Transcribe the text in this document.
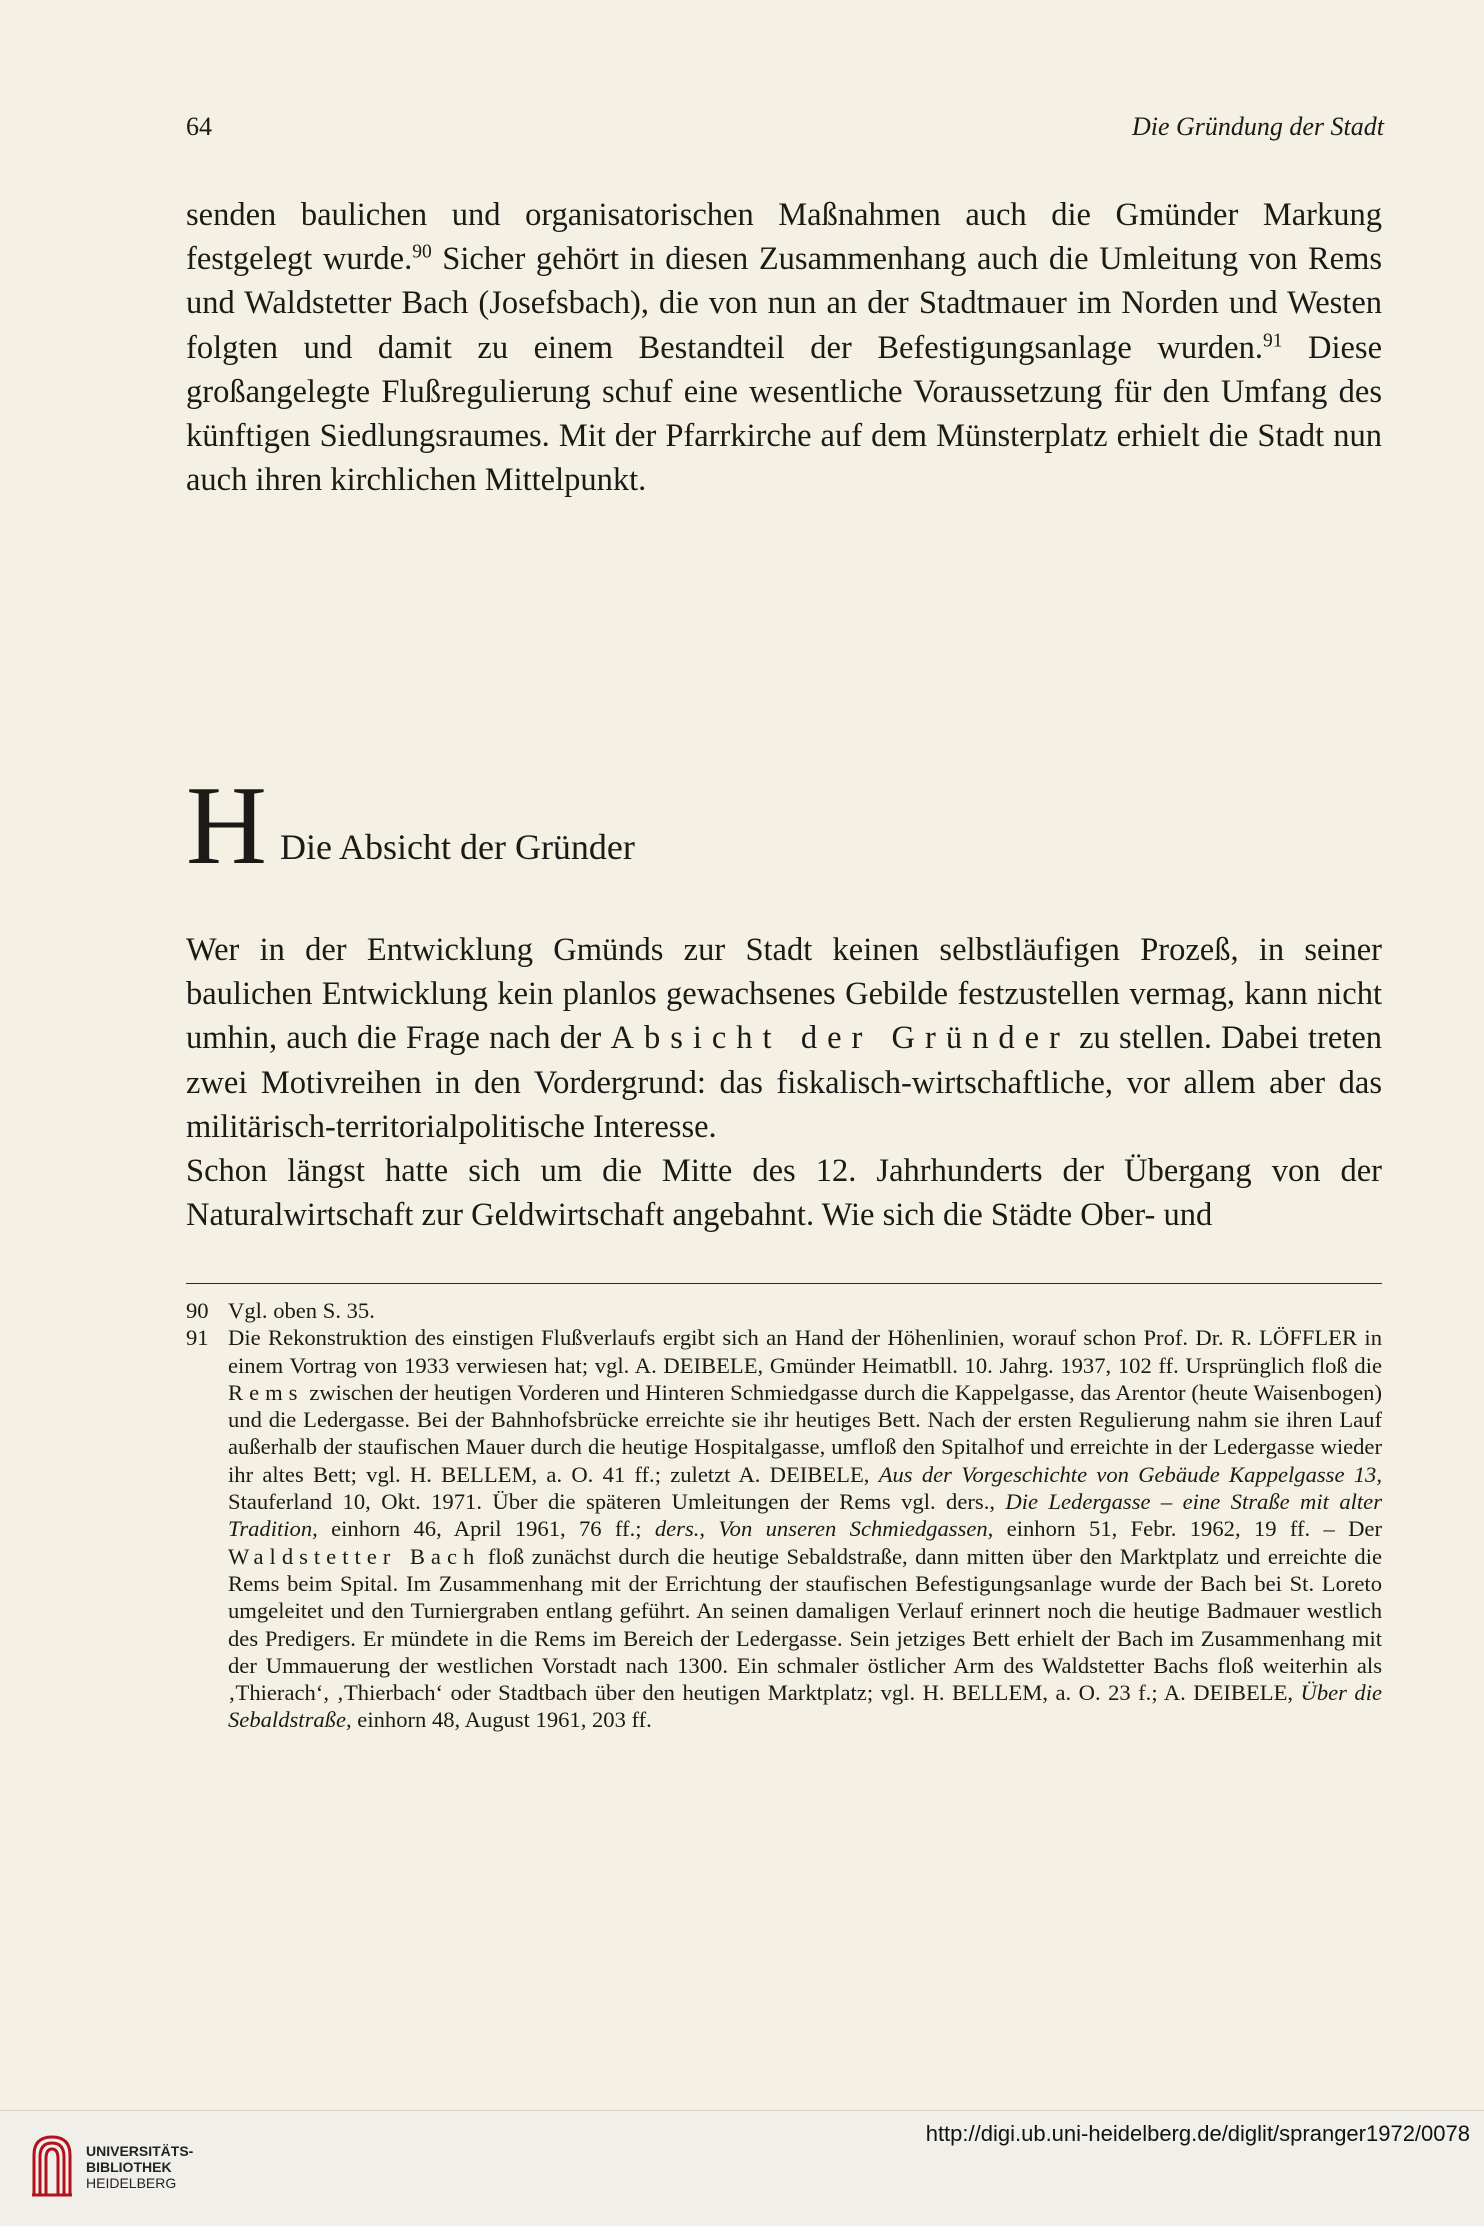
64	Die Gründung der Stadt

senden baulichen und organisatorischen Maßnahmen auch die Gmünder Markung festgelegt wurde.$^{90}$ Sicher gehört in diesen Zusammenhang auch die Umleitung von Rems und Waldstetter Bach (Josefsbach), die von nun an der Stadtmauer im Norden und Westen folgten und damit zu einem Bestandteil der Befestigungsanlage wurden.$^{91}$ Diese großangelegte Flußregulierung schuf eine wesentliche Voraussetzung für den Umfang des künftigen Siedlungsraumes. Mit der Pfarrkirche auf dem Münsterplatz erhielt die Stadt nun auch ihren kirchlichen Mittelpunkt.

H Die Absicht der Gründer

Wer in der Entwicklung Gmünds zur Stadt keinen selbstläufigen Prozeß, in seiner baulichen Entwicklung kein planlos gewachsenes Gebilde festzustellen vermag, kann nicht umhin, auch die Frage nach der Absicht der Gründer zu stellen. Dabei treten zwei Motivreihen in den Vordergrund: das fiskalisch-wirtschaftliche, vor allem aber das militärisch-territorialpolitische Interesse.

Schon längst hatte sich um die Mitte des 12. Jahrhunderts der Übergang von der Naturalwirtschaft zur Geldwirtschaft angebahnt. Wie sich die Städte Ober- und

90 Vgl. oben S. 35.
91 Die Rekonstruktion des einstigen Flußverlaufs ergibt sich an Hand der Höhenlinien, worauf schon Prof. Dr. R. LÖFFLER in einem Vortrag von 1933 verwiesen hat; vgl. A. DEIBELE, Gmünder Heimatbll. 10. Jahrg. 1937, 102 ff. Ursprünglich floß die Rems zwischen der heutigen Vorderen und Hinteren Schmiedgasse durch die Kappelgasse, das Arentor (heute Waisenbogen) und die Ledergasse. Bei der Bahnhofsbrücke erreichte sie ihr heutiges Bett. Nach der ersten Regulierung nahm sie ihren Lauf außerhalb der staufischen Mauer durch die heutige Hospitalgasse, umfloß den Spitalhof und erreichte in der Ledergasse wieder ihr altes Bett; vgl. H. BELLEM, a. O. 41 ff.; zuletzt A. DEIBELE, Aus der Vorgeschichte von Gebäude Kappelgasse 13, Stauferland 10, Okt. 1971. Über die späteren Umleitungen der Rems vgl. ders., Die Ledergasse – eine Straße mit alter Tradition, einhorn 46, April 1961, 76 ff.; ders., Von unseren Schmiedgassen, einhorn 51, Febr. 1962, 19 ff. – Der Waldstetter Bach floß zunächst durch die heutige Sebaldstraße, dann mitten über den Marktplatz und erreichte die Rems beim Spital. Im Zusammenhang mit der Errichtung der staufischen Befestigungsanlage wurde der Bach bei St. Loreto umgeleitet und den Turniergraben entlang geführt. An seinen damaligen Verlauf erinnert noch die heutige Badmauer westlich des Predigers. Er mündete in die Rems im Bereich der Ledergasse. Sein jetziges Bett erhielt der Bach im Zusammenhang mit der Ummauerung der westlichen Vorstadt nach 1300. Ein schmaler östlicher Arm des Waldstetter Bachs floß weiterhin als ‚Thierach‘, ‚Thierbach‘ oder Stadtbach über den heutigen Marktplatz; vgl. H. BELLEM, a. O. 23 f.; A. DEIBELE, Über die Sebaldstraße, einhorn 48, August 1961, 203 ff.
UNIVERSITÄTS-
BIBLIOTHEK
HEIDELBERG
http://digi.ub.uni-heidelberg.de/diglit/spranger1972/0078
